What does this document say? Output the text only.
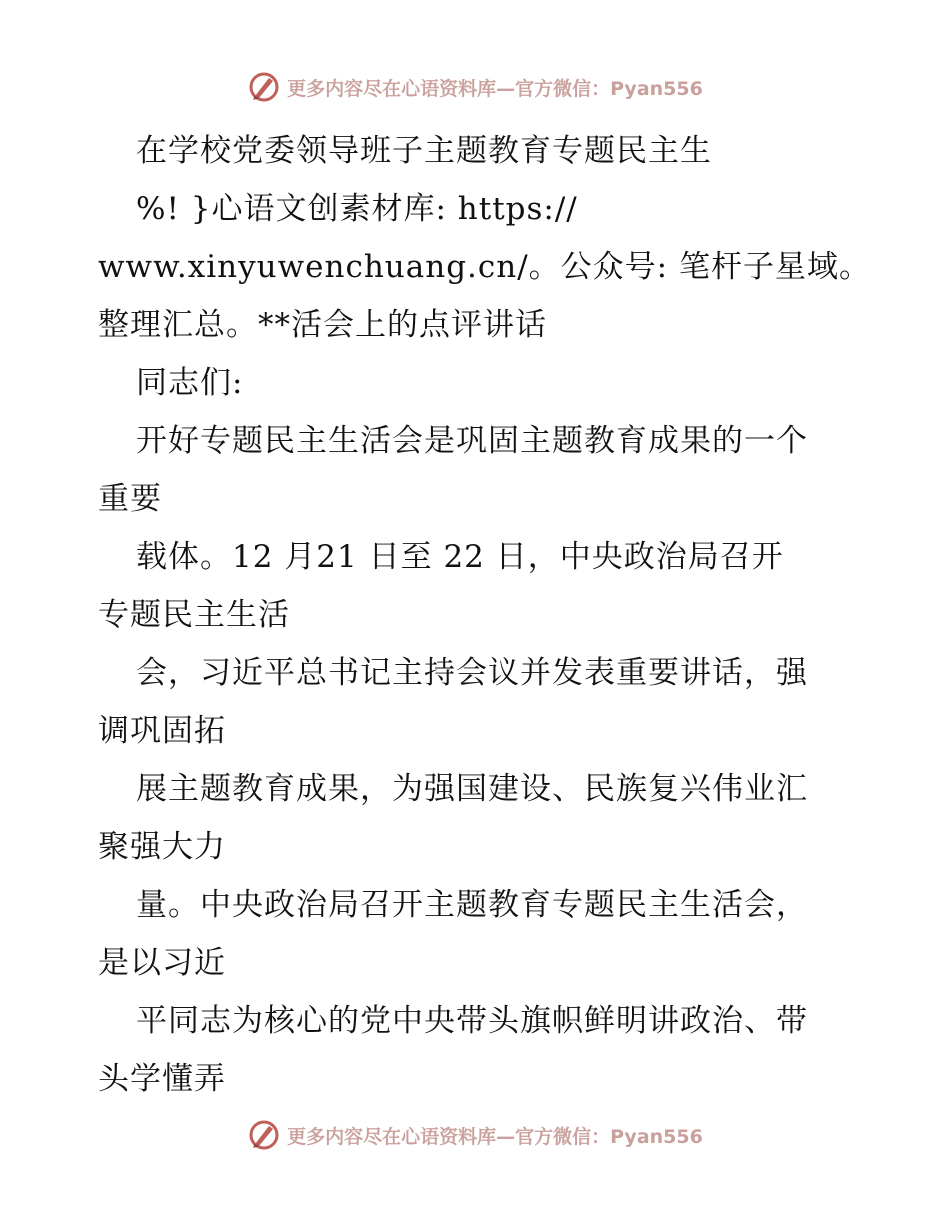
更多内容尽在心语资料库—官方微信：Pyan556
在学校党委领导班子主题教育专题民主生
%! }心语文创素材库: https://
www.xinyuwenchuang.cn/。公众号: 笔杆子星域。
整理汇总。**活会上的点评讲话
同志们:
开好专题民主生活会是巩固主题教育成果的一个
重要
载体。12 月21 日至 22 日，中央政治局召开
专题民主生活
会，习近平总书记主持会议并发表重要讲话，强
调巩固拓
展主题教育成果，为强国建设、民族复兴伟业汇
聚强大力
量。中央政治局召开主题教育专题民主生活会，
是以习近
平同志为核心的党中央带头旗帜鲜明讲政治、带
头学懂弄
更多内容尽在心语资料库—官方微信：Pyan556
